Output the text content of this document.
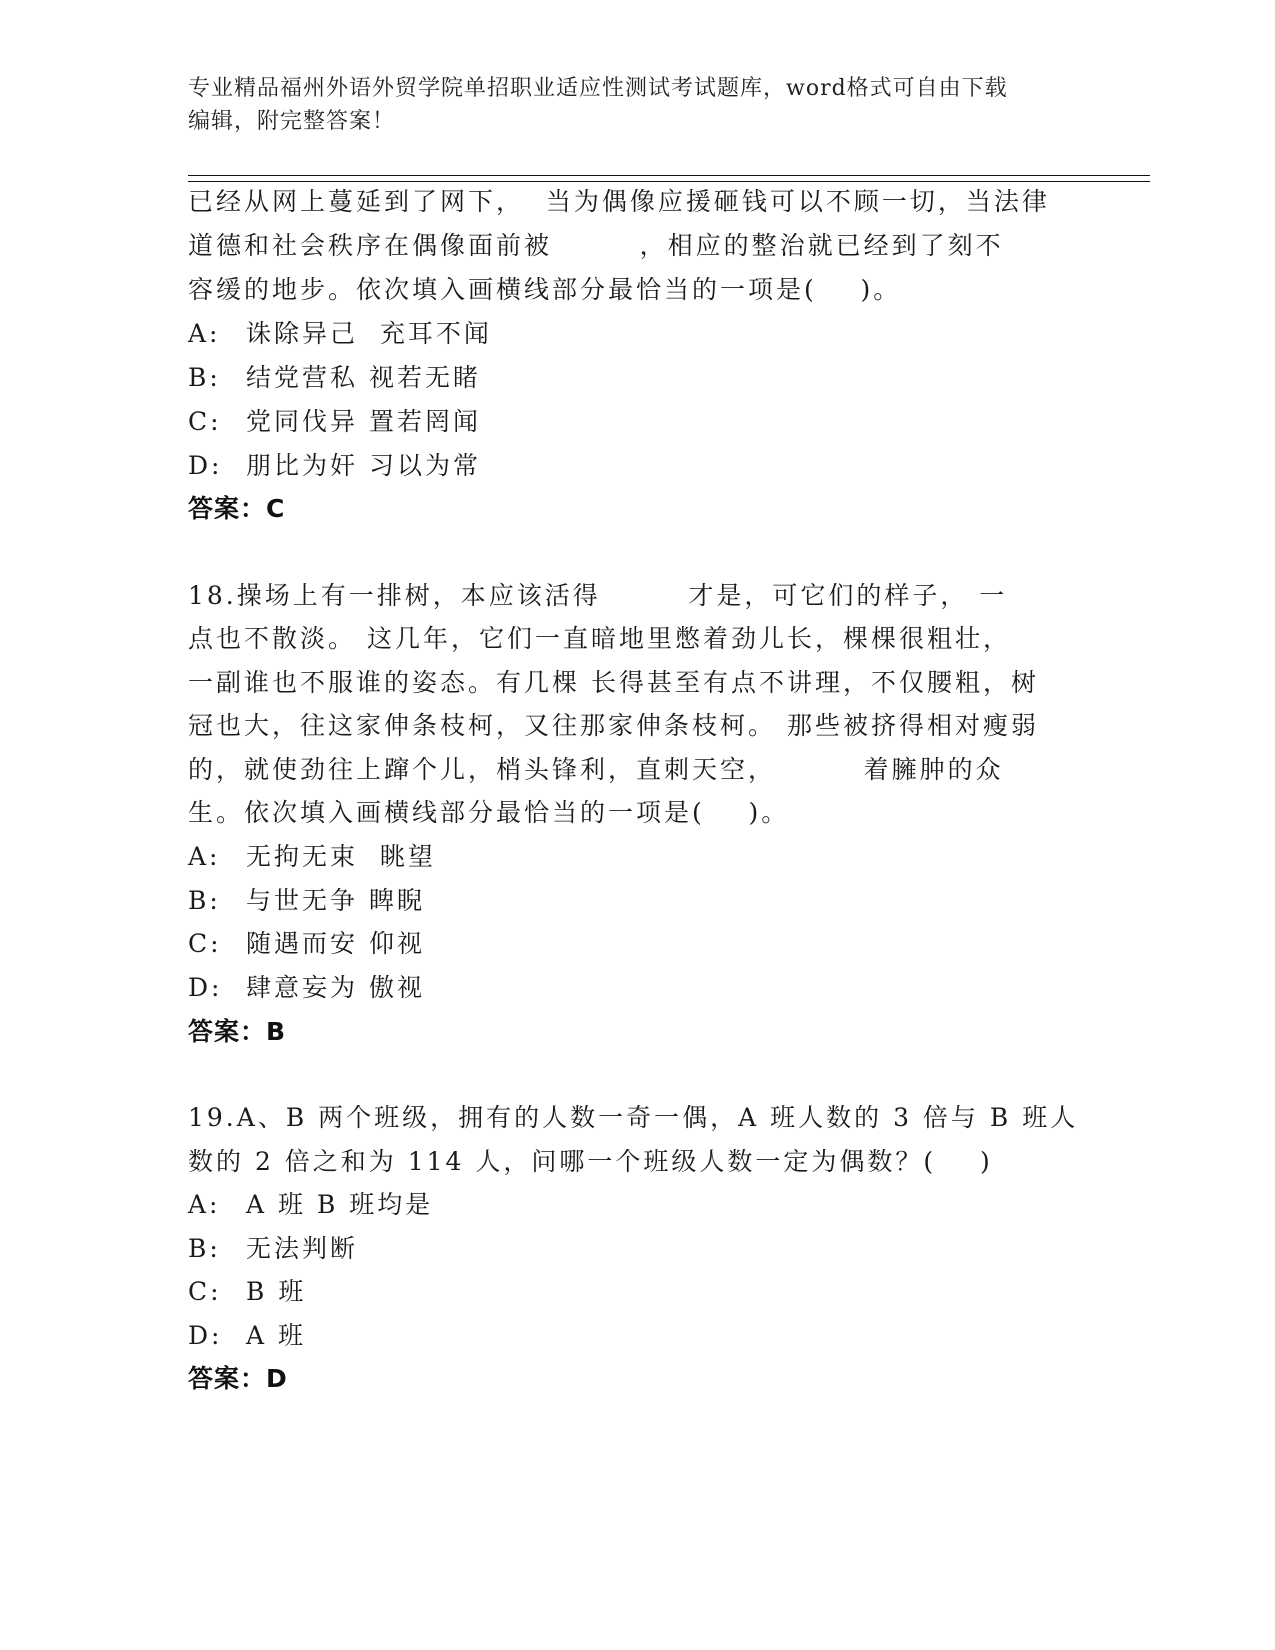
专业精品福州外语外贸学院单招职业适应性测试考试题库，word格式可自由下载
编辑，附完整答案！
已经从网上蔓延到了网下，  当为偶像应援砸钱可以不顾一切，当法律
道德和社会秩序在偶像面前被        ，相应的整治就已经到了刻不
容缓的地步。依次填入画横线部分最恰当的一项是(    )。
A: 诛除异己  充耳不闻
B: 结党营私 视若无睹
C: 党同伐异 置若罔闻
D: 朋比为奸 习以为常
答案：C
18.操场上有一排树，本应该活得        才是，可它们的样子， 一
点也不散淡。 这几年，它们一直暗地里憋着劲儿长，棵棵很粗壮，
一副谁也不服谁的姿态。有几棵 长得甚至有点不讲理，不仅腰粗，树
冠也大，往这家伸条枝柯，又往那家伸条枝柯。 那些被挤得相对瘦弱
的，就使劲往上蹿个儿，梢头锋利，直刺天空，        着臃肿的众
生。依次填入画横线部分最恰当的一项是(    )。
A: 无拘无束  眺望
B: 与世无争 睥睨
C: 随遇而安 仰视
D: 肆意妄为 傲视
答案：B
19.A、B 两个班级，拥有的人数一奇一偶，A 班人数的 3 倍与 B 班人
数的 2 倍之和为 114 人，问哪一个班级人数一定为偶数？(    )
A: A 班 B 班均是
B: 无法判断
C: B 班
D: A 班
答案：D
